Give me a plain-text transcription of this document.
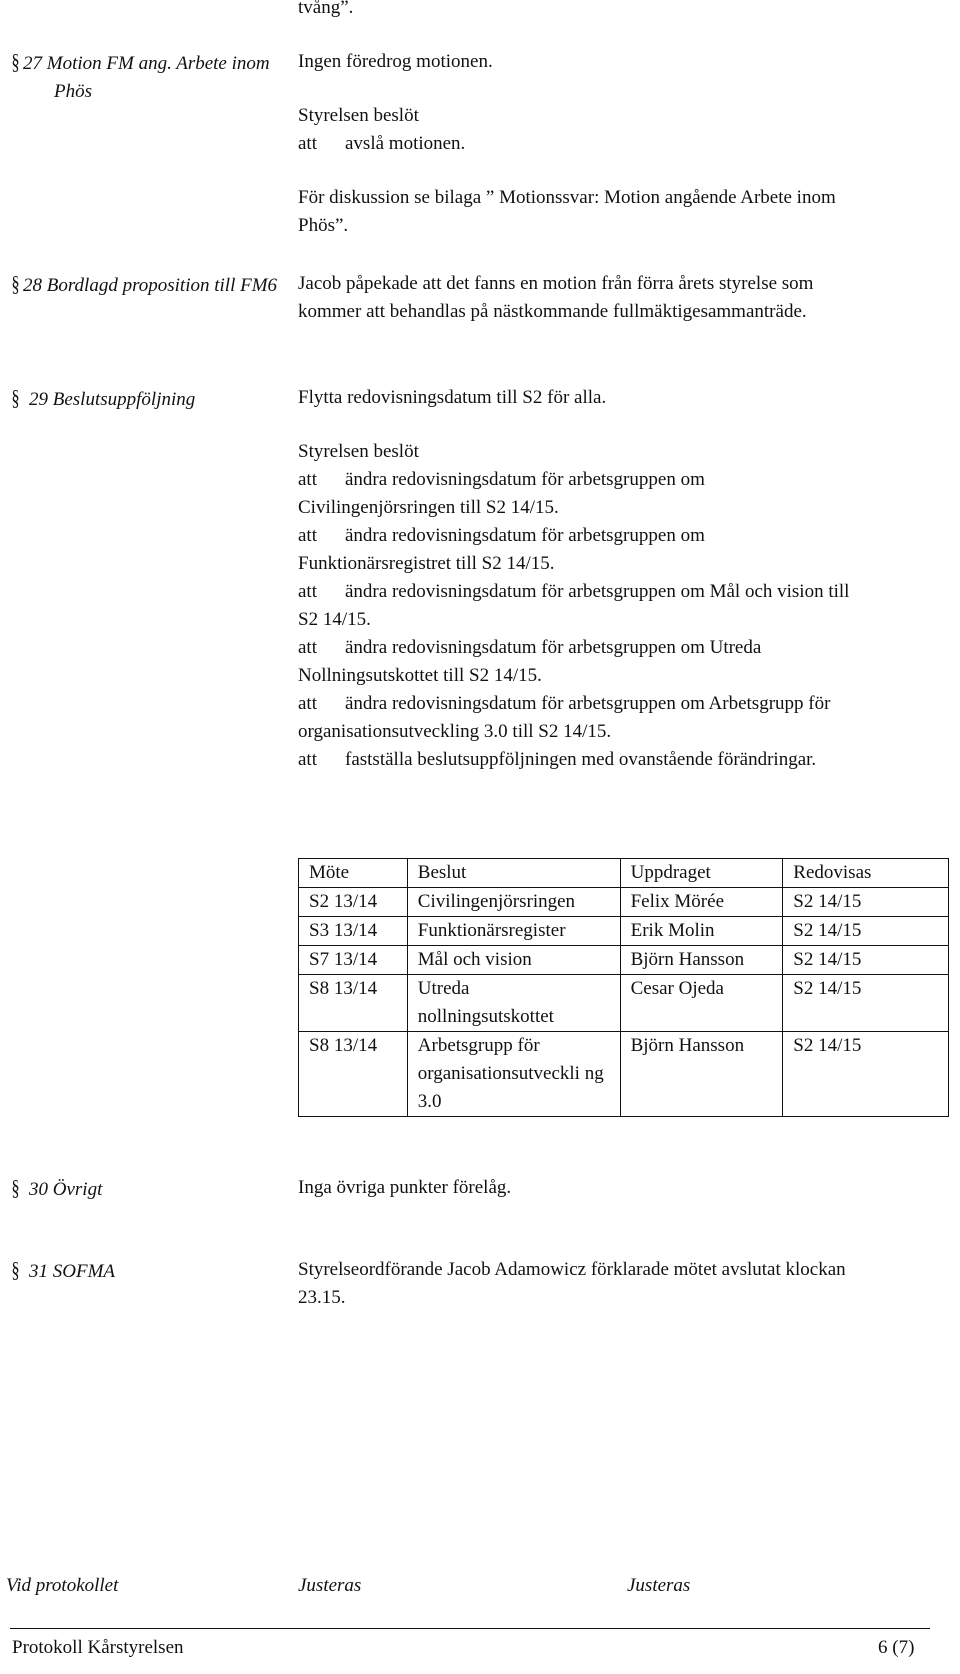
tvång”.
§ 27 Motion FM ang. Arbete inom
Phös
Ingen föredrog motionen.
Styrelsen beslöt
att avslå motionen.
För diskussion se bilaga ” Motionssvar: Motion angående Arbete inom
Phös”.
§ 28 Bordlagd proposition till FM6	Jacob påpekade att det fanns en motion från förra årets styrelse som
kommer att behandlas på nästkommande fullmäktigesammanträde.
§ 29 Beslutsuppföljning	Flytta redovisningsdatum till S2 för alla.
Styrelsen beslöt
att ändra redovisningsdatum för arbetsgruppen om
Civilingenjörsringen till S2 14/15.
att ändra redovisningsdatum för arbetsgruppen om
Funktionärsregistret till S2 14/15.
att ändra redovisningsdatum för arbetsgruppen om Mål och vision till
S2 14/15.
att ändra redovisningsdatum för arbetsgruppen om Utreda
Nollningsutskottet till S2 14/15.
att ändra redovisningsdatum för arbetsgruppen om Arbetsgrupp för
organisationsutveckling 3.0 till S2 14/15.
att fastställa beslutsuppföljningen med ovanstående förändringar.
Möte	Beslut	Uppdraget	Redovisas
S2 13/14	Civilingenjörsringen	Felix Mörée	S2 14/15
S3 13/14	Funktionärsregister	Erik Molin	S2 14/15
S7 13/14	Mål och vision	Björn Hansson	S2 14/15
S8 13/14	Utreda nollningsutskottet	Cesar Ojeda	S2 14/15
S8 13/14	Arbetsgrupp för organisationsutveckli ng 3.0	Björn Hansson	S2 14/15
§ 30 Övrigt	Inga övriga punkter förelåg.
§ 31 SOFMA	Styrelseordförande Jacob Adamowicz förklarade mötet avslutat klockan
23.15.
Vid protokollet	Justeras	Justeras
Protokoll Kårstyrelsen	6 (7)
